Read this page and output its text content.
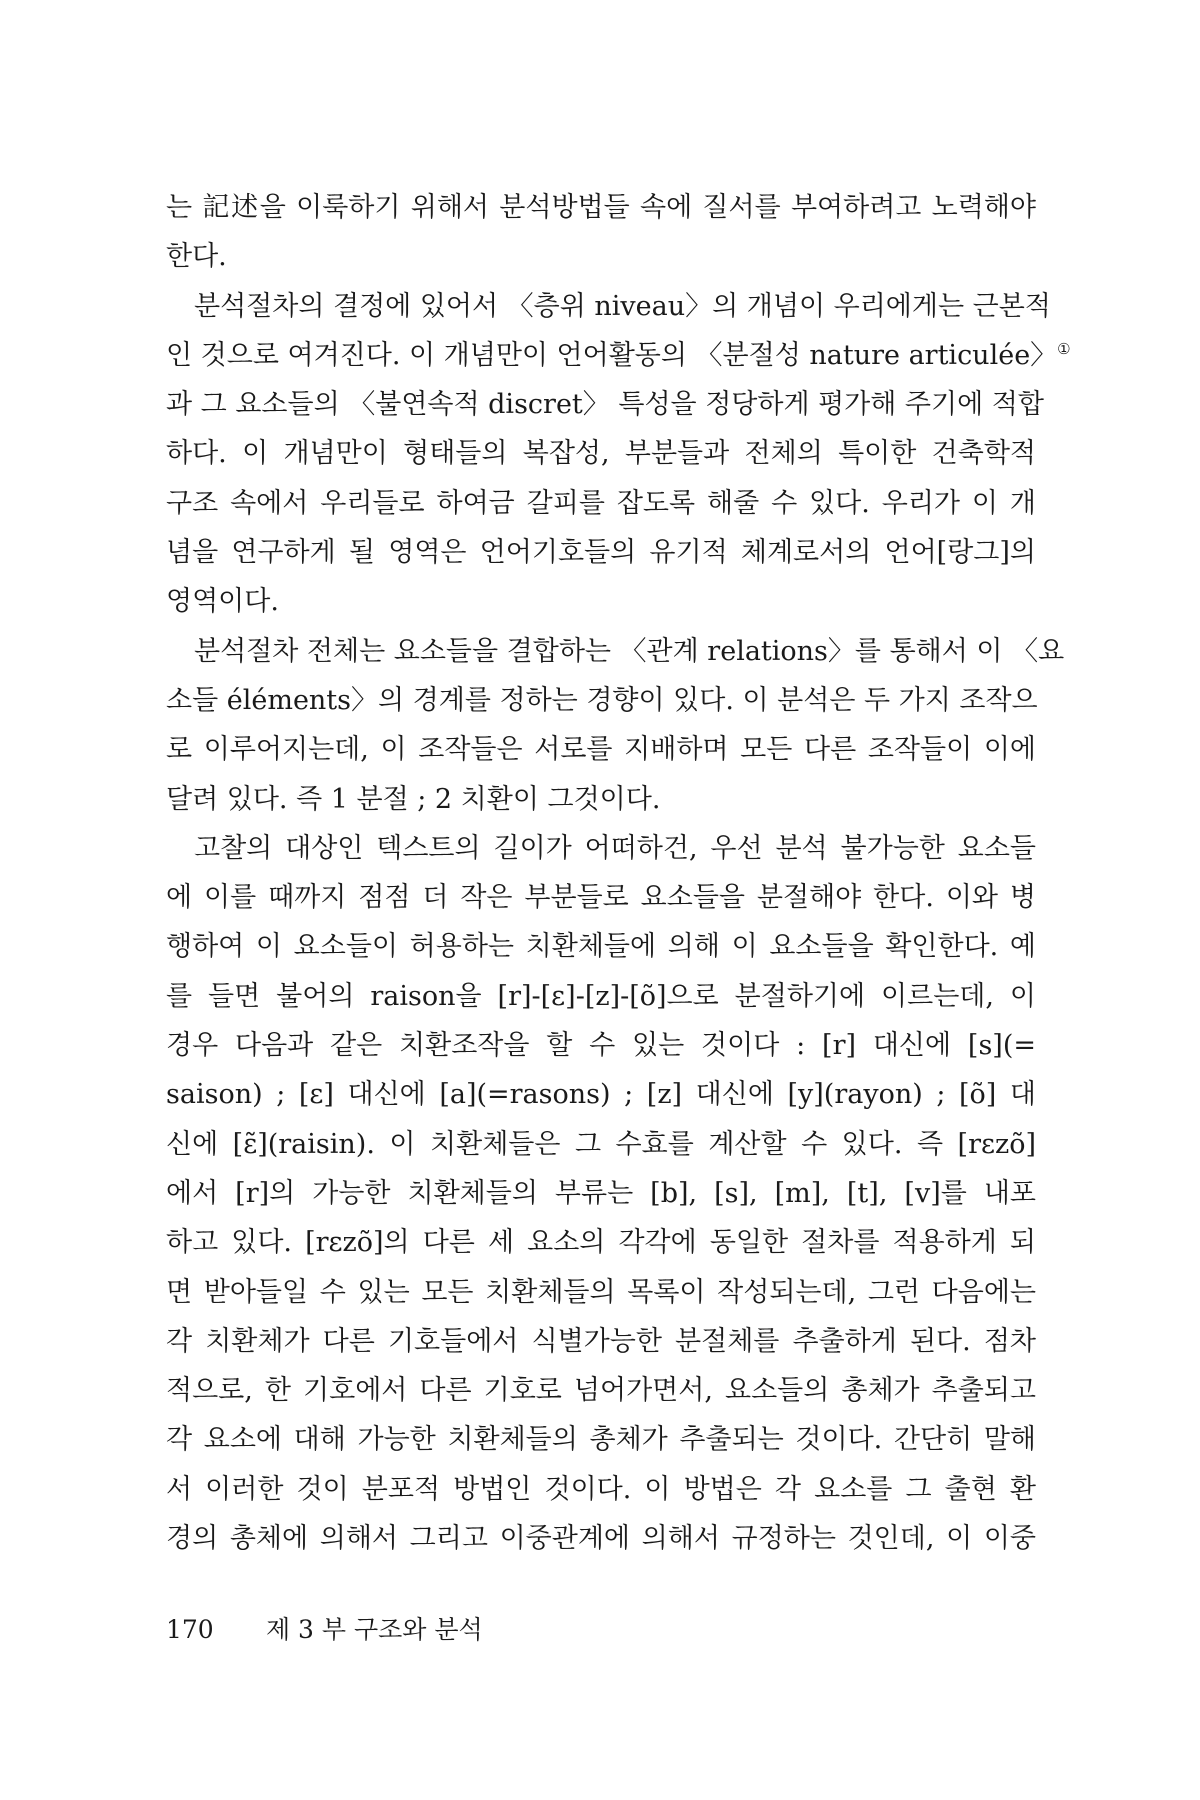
는 記述을 이룩하기 위해서 분석방법들 속에 질서를 부여하려고 노력해야
한다.
분석절차의 결정에 있어서 〈층위 niveau〉의 개념이 우리에게는 근본적
인 것으로 여겨진다. 이 개념만이 언어활동의 〈분절성 nature articulée〉①
과 그 요소들의 〈불연속적 discret〉 특성을 정당하게 평가해 주기에 적합
하다. 이 개념만이 형태들의 복잡성, 부분들과 전체의 특이한 건축학적
구조 속에서 우리들로 하여금 갈피를 잡도록 해줄 수 있다. 우리가 이 개
념을 연구하게 될 영역은 언어기호들의 유기적 체계로서의 언어[랑그]의
영역이다.
분석절차 전체는 요소들을 결합하는 〈관계 relations〉를 통해서 이 〈요
소들 éléments〉의 경계를 정하는 경향이 있다. 이 분석은 두 가지 조작으
로 이루어지는데, 이 조작들은 서로를 지배하며 모든 다른 조작들이 이에
달려 있다. 즉 1 분절 ; 2 치환이 그것이다.
고찰의 대상인 텍스트의 길이가 어떠하건, 우선 분석 불가능한 요소들
에 이를 때까지 점점 더 작은 부분들로 요소들을 분절해야 한다. 이와 병
행하여 이 요소들이 허용하는 치환체들에 의해 이 요소들을 확인한다. 예
를 들면 불어의 raison을 [r]-[ε]-[z]-[õ]으로 분절하기에 이르는데, 이
경우 다음과 같은 치환조작을 할 수 있는 것이다 : [r] 대신에 [s](=
saison) ; [ε] 대신에 [a](=rasons) ; [z] 대신에 [y](rayon) ; [õ] 대
신에 [ε̃](raisin). 이 치환체들은 그 수효를 계산할 수 있다. 즉 [rεzõ]
에서 [r]의 가능한 치환체들의 부류는 [b], [s], [m], [t], [v]를 내포
하고 있다. [rεzõ]의 다른 세 요소의 각각에 동일한 절차를 적용하게 되
면 받아들일 수 있는 모든 치환체들의 목록이 작성되는데, 그런 다음에는
각 치환체가 다른 기호들에서 식별가능한 분절체를 추출하게 된다. 점차
적으로, 한 기호에서 다른 기호로 넘어가면서, 요소들의 총체가 추출되고
각 요소에 대해 가능한 치환체들의 총체가 추출되는 것이다. 간단히 말해
서 이러한 것이 분포적 방법인 것이다. 이 방법은 각 요소를 그 출현 환
경의 총체에 의해서 그리고 이중관계에 의해서 규정하는 것인데, 이 이중
170 제 3 부 구조와 분석
